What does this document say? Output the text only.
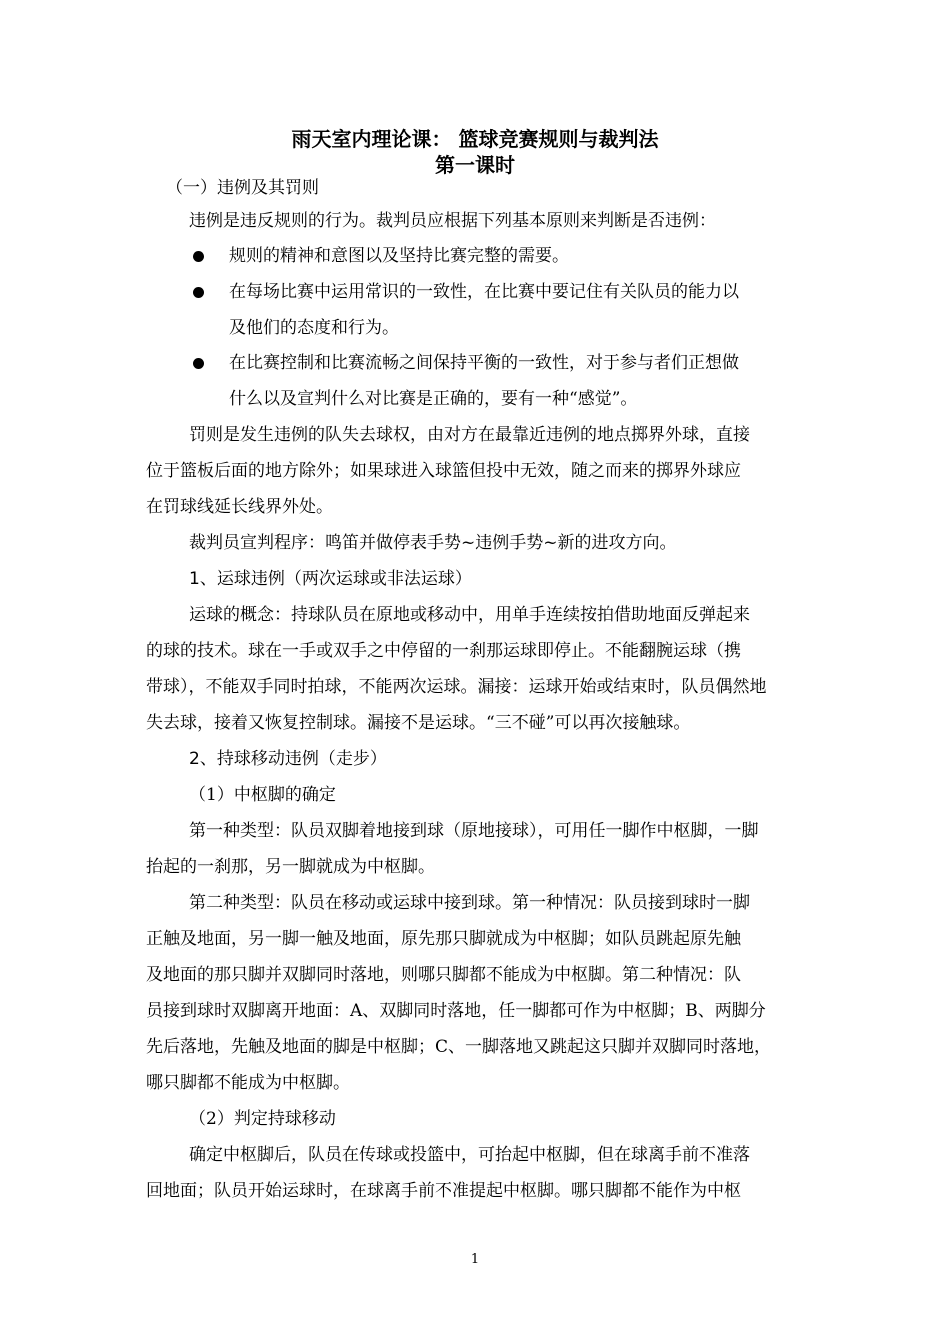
雨天室内理论课： 篮球竞赛规则与裁判法
第一课时
（一）违例及其罚则
违例是违反规则的行为。裁判员应根据下列基本原则来判断是否违例：
规则的精神和意图以及坚持比赛完整的需要。
在每场比赛中运用常识的一致性，在比赛中要记住有关队员的能力以
及他们的态度和行为。
在比赛控制和比赛流畅之间保持平衡的一致性，对于参与者们正想做
什么以及宣判什么对比赛是正确的，要有一种“感觉”。
罚则是发生违例的队失去球权，由对方在最靠近违例的地点掷界外球，直接
位于篮板后面的地方除外；如果球进入球篮但投中无效，随之而来的掷界外球应
在罚球线延长线界外处。
裁判员宣判程序：鸣笛并做停表手势~违例手势~新的进攻方向。
1、运球违例（两次运球或非法运球）
运球的概念：持球队员在原地或移动中，用单手连续按拍借助地面反弹起来
的球的技术。球在一手或双手之中停留的一刹那运球即停止。不能翻腕运球（携
带球），不能双手同时拍球，不能两次运球。漏接：运球开始或结束时，队员偶然地
失去球，接着又恢复控制球。漏接不是运球。“三不碰”可以再次接触球。
2、持球移动违例（走步）
（1）中枢脚的确定
第一种类型：队员双脚着地接到球（原地接球），可用任一脚作中枢脚，一脚
抬起的一刹那，另一脚就成为中枢脚。
第二种类型：队员在移动或运球中接到球。第一种情况：队员接到球时一脚
正触及地面，另一脚一触及地面，原先那只脚就成为中枢脚；如队员跳起原先触
及地面的那只脚并双脚同时落地，则哪只脚都不能成为中枢脚。第二种情况：队
员接到球时双脚离开地面：A、双脚同时落地，任一脚都可作为中枢脚；B、两脚分
先后落地，先触及地面的脚是中枢脚；C、一脚落地又跳起这只脚并双脚同时落地，
哪只脚都不能成为中枢脚。
（2）判定持球移动
确定中枢脚后，队员在传球或投篮中，可抬起中枢脚，但在球离手前不准落
回地面；队员开始运球时，在球离手前不准提起中枢脚。哪只脚都不能作为中枢
1
